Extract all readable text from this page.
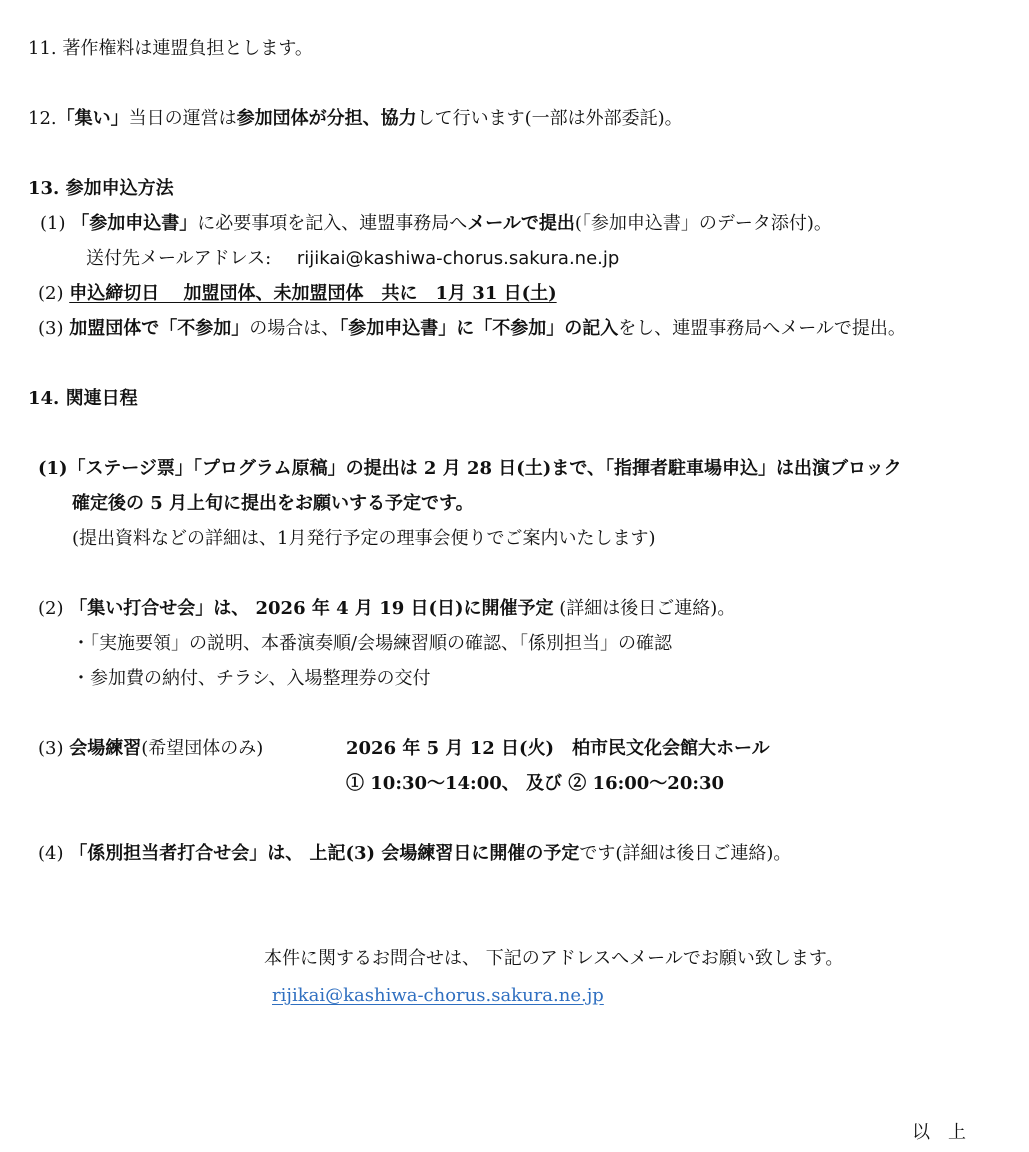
11. 著作権料は連盟負担とします。
12.「集い」当日の運営は参加団体が分担、協力して行います(一部は外部委託)。
13. 参加申込方法
(1) 「参加申込書」に必要事項を記入、連盟事務局へメールで提出(「参加申込書」のデータ添付)。
送付先メールアドレス: rijikai@kashiwa-chorus.sakura.ne.jp
(2) 申込締切日　 加盟団体、未加盟団体　共に　1月 31 日(土)
(3) 加盟団体で「不参加」の場合は、「参加申込書」に「不参加」の記入をし、連盟事務局へメールで提出。
14. 関連日程
(1)「ステージ票」「プログラム原稿」の提出は 2 月 28 日(土)まで、「指揮者駐車場申込」は出演ブロック
確定後の 5 月上旬に提出をお願いする予定です。
(提出資料などの詳細は、1月発行予定の理事会便りでご案内いたします)
(2) 「集い打合せ会」は、 2026 年 4 月 19 日(日)に開催予定 (詳細は後日ご連絡)。
・「実施要領」の説明、本番演奏順/会場練習順の確認、「係別担当」の確認
・参加費の納付、チラシ、入場整理券の交付
(3) 会場練習(希望団体のみ)	2026 年 5 月 12 日(火)　柏市民文化会館大ホール
① 10:30〜14:00、 及び ② 16:00〜20:30
(4) 「係別担当者打合せ会」は、 上記(3) 会場練習日に開催の予定です(詳細は後日ご連絡)。
本件に関するお問合せは、 下記のアドレスへメールでお願い致します。
rijikai@kashiwa-chorus.sakura.ne.jp
以　上
